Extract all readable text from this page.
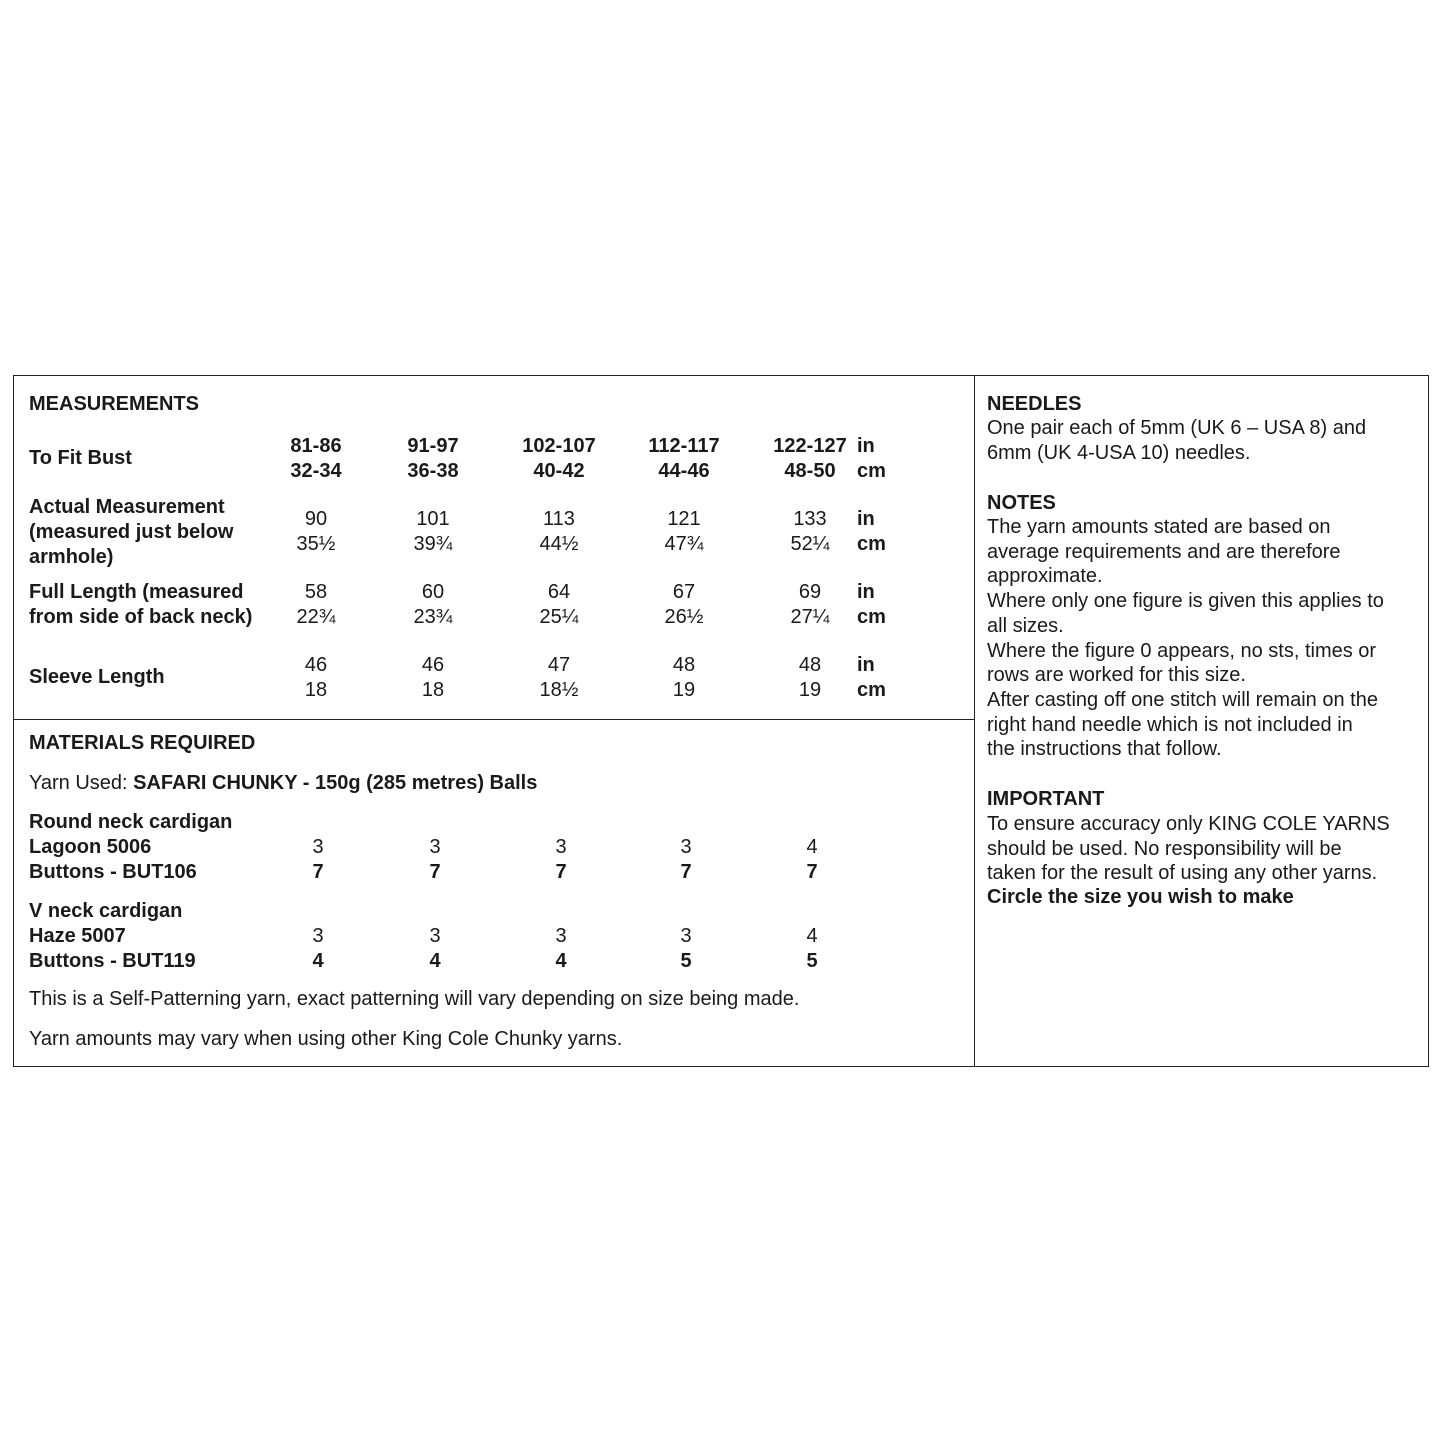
MEASUREMENTS
To Fit Bust
81-86
32-34
91-97
36-38
102-107
40-42
112-117
44-46
122-127
48-50
in
cm
Actual Measurement
(measured just below
armhole)
90
35½
101
39¾
113
44½
121
47¾
133
52¼
in
cm
Full Length (measured
from side of back neck)
58
22¾
60
23¾
64
25¼
67
26½
69
27¼
in
cm
Sleeve Length
46
18
46
18
47
18½
48
19
48
19
in
cm
MATERIALS REQUIRED
Yarn Used: SAFARI CHUNKY - 150g (285 metres) Balls
Round neck cardigan
Lagoon 5006
Buttons - BUT106
3
7
3
7
3
7
3
7
4
7
V neck cardigan
Haze 5007
Buttons - BUT119
3
4
3
4
3
4
3
5
4
5
This is a Self-Patterning yarn, exact patterning will vary depending on size being made.
Yarn amounts may vary when using other King Cole Chunky yarns.
NEEDLES
One pair each of 5mm (UK 6 – USA 8) and
6mm (UK 4-USA 10) needles.
NOTES
The yarn amounts stated are based on
average requirements and are therefore
approximate.
Where only one figure is given this applies to
all sizes.
Where the figure 0 appears, no sts, times or
rows are worked for this size.
After casting off one stitch will remain on the
right hand needle which is not included in
the instructions that follow.
IMPORTANT
To ensure accuracy only KING COLE YARNS
should be used. No responsibility will be
taken for the result of using any other yarns.
Circle the size you wish to make
